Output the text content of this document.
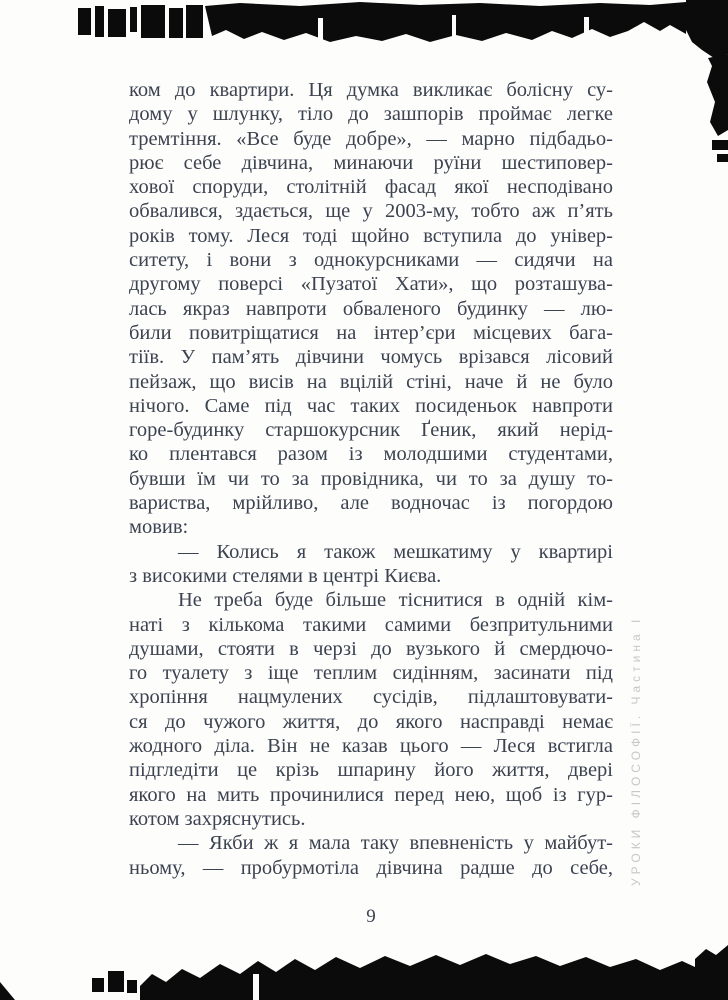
ком до квартири. Ця думка викликає болісну су-
дому у шлунку, тіло до зашпорів проймає легке
тремтіння. «Все буде добре», — марно підбадьо-
рює себе дівчина, минаючи руїни шестиповер-
хової споруди, столітній фасад якої несподівано
обвалився, здається, ще у 2003-му, тобто аж п’ять
років тому. Леся тоді щойно вступила до універ-
ситету, і вони з однокурсниками — сидячи на
другому поверсі «Пузатої Хати», що розташува-
лась якраз навпроти обваленого будинку — лю-
били повитріщатися на інтер’єри місцевих бага-
тіїв. У пам’ять дівчини чомусь врізався лісовий
пейзаж, що висів на вцілій стіні, наче й не було
нічого. Саме під час таких посиденьок навпроти
горе-будинку старшокурсник Ґеник, який нерід-
ко плентався разом із молодшими студентами,
бувши їм чи то за провідника, чи то за душу то-
вариства, мрійливо, але водночас із погордою
мовив:
— Колись я також мешкатиму у квартирі
з високими стелями в центрі Києва.
Не треба буде більше тіснитися в одній кім-
наті з кількома такими самими безпритульними
душами, стояти в черзі до вузького й смердючо-
го туалету з іще теплим сидінням, засинати під
хропіння нацмулених сусідів, підлаштовувати-
ся до чужого життя, до якого насправді немає
жодного діла. Він не казав цього — Леся встигла
підгледіти це крізь шпарину його життя, двері
якого на мить прочинилися перед нею, щоб із гур-
котом захряснутись.
— Якби ж я мала таку впевненість у майбут-
ньому, — пробурмотіла дівчина радше до себе,
9
УРОКИ ФІЛОСОФІЇ. Частина І
